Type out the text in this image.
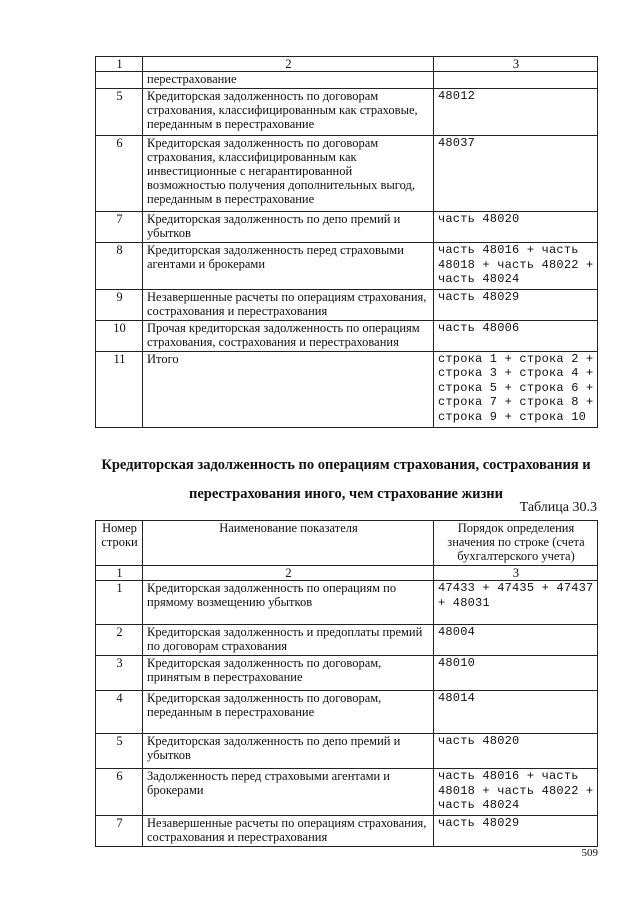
1	2	3
	перестрахование	
5	Кредиторская задолженность по договорам страхования, классифицированным как страховые, переданным в перестрахование	48012
6	Кредиторская задолженность по договорам страхования, классифицированным как инвестиционные с негарантированной возможностью получения дополнительных выгод, переданным в перестрахование	48037
7	Кредиторская задолженность по депо премий и убытков	часть 48020
8	Кредиторская задолженность перед страховыми агентами и брокерами	часть 48016 + часть 48018 + часть 48022 + часть 48024
9	Незавершенные расчеты по операциям страхования, сострахования и перестрахования	часть 48029
10	Прочая кредиторская задолженность по операциям страхования, сострахования и перестрахования	часть 48006
11	Итого	строка 1 + строка 2 + строка 3 + строка 4 + строка 5 + строка 6 + строка 7 + строка 8 + строка 9 + строка 10
Кредиторская задолженность по операциям страхования, сострахования и перестрахования иного, чем страхование жизни
Таблица 30.3
Номер строки	Наименование показателя	Порядок определения значения по строке (счета бухгалтерского учета)
1	2	3
1	Кредиторская задолженность по операциям по прямому возмещению убытков	47433 + 47435 + 47437 + 48031
2	Кредиторская задолженность и предоплаты премий по договорам страхования	48004
3	Кредиторская задолженность по договорам, принятым в перестрахование	48010
4	Кредиторская задолженность по договорам, переданным в перестрахование	48014
5	Кредиторская задолженность по депо премий и убытков	часть 48020
6	Задолженность перед страховыми агентами и брокерами	часть 48016 + часть 48018 + часть 48022 + часть 48024
7	Незавершенные расчеты по операциям страхования, сострахования и перестрахования	часть 48029
509
